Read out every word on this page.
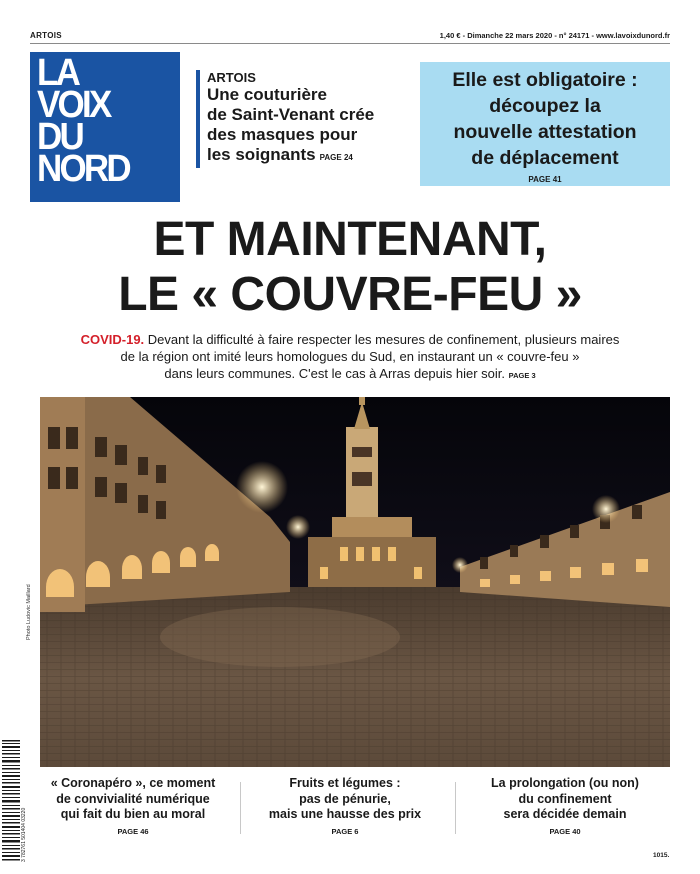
ARTOIS	1,40 € - Dimanche 22 mars 2020 - n° 24171 - www.lavoixdunord.fr
LA
VOIX
DU
NORD
ARTOIS
Une couturière
de Saint-Venant crée
des masques pour
les soignants PAGE 24
Elle est obligatoire :
découpez la
nouvelle attestation
de déplacement
PAGE 41
ET MAINTENANT,
LE « COUVRE-FEU »
COVID-19. Devant la difficulté à faire respecter les mesures de confinement, plusieurs maires
de la région ont imité leurs homologues du Sud, en instaurant un « couvre-feu »
dans leurs communes. C'est le cas à Arras depuis hier soir. PAGE 3
Photo Ludovic Maillard
3 782761 501404 03220
« Coronapéro », ce moment
de convivialité numérique
qui fait du bien au moral
PAGE 46
Fruits et légumes :
pas de pénurie,
mais une hausse des prix
PAGE 6
La prolongation (ou non)
du confinement
sera décidée demain
PAGE 40
1015.
